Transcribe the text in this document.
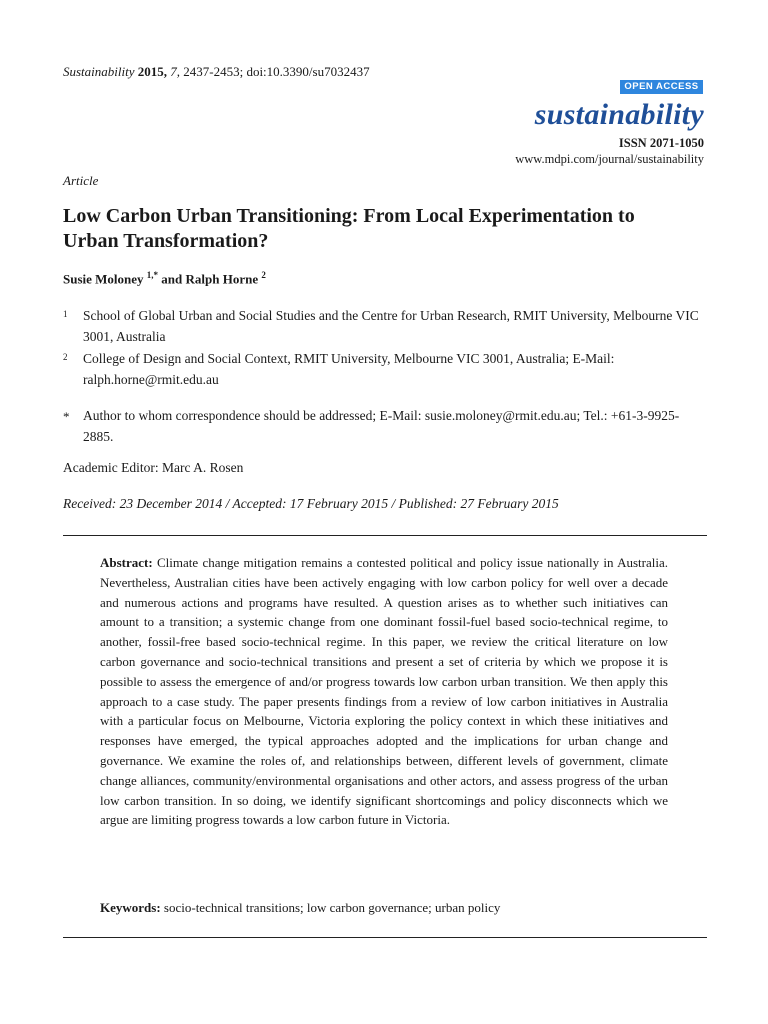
Sustainability 2015, 7, 2437-2453; doi:10.3390/su7032437
OPEN ACCESS
sustainability
ISSN 2071-1050
www.mdpi.com/journal/sustainability
Article
Low Carbon Urban Transitioning: From Local Experimentation to Urban Transformation?
Susie Moloney $^{1,*}$ and Ralph Horne $^2$
1 School of Global Urban and Social Studies and the Centre for Urban Research, RMIT University, Melbourne VIC 3001, Australia
2 College of Design and Social Context, RMIT University, Melbourne VIC 3001, Australia; E-Mail: ralph.horne@rmit.edu.au
* Author to whom correspondence should be addressed; E-Mail: susie.moloney@rmit.edu.au; Tel.: +61-3-9925-2885.
Academic Editor: Marc A. Rosen
Received: 23 December 2014 / Accepted: 17 February 2015 / Published: 27 February 2015
Abstract: Climate change mitigation remains a contested political and policy issue nationally in Australia. Nevertheless, Australian cities have been actively engaging with low carbon policy for well over a decade and numerous actions and programs have resulted. A question arises as to whether such initiatives can amount to a transition; a systemic change from one dominant fossil-fuel based socio-technical regime, to another, fossil-free based socio-technical regime. In this paper, we review the critical literature on low carbon governance and socio-technical transitions and present a set of criteria by which we propose it is possible to assess the emergence of and/or progress towards low carbon urban transition. We then apply this approach to a case study. The paper presents findings from a review of low carbon initiatives in Australia with a particular focus on Melbourne, Victoria exploring the policy context in which these initiatives and responses have emerged, the typical approaches adopted and the implications for urban change and governance. We examine the roles of, and relationships between, different levels of government, climate change alliances, community/environmental organisations and other actors, and assess progress of the urban low carbon transition. In so doing, we identify significant shortcomings and policy disconnects which we argue are limiting progress towards a low carbon future in Victoria.
Keywords: socio-technical transitions; low carbon governance; urban policy
